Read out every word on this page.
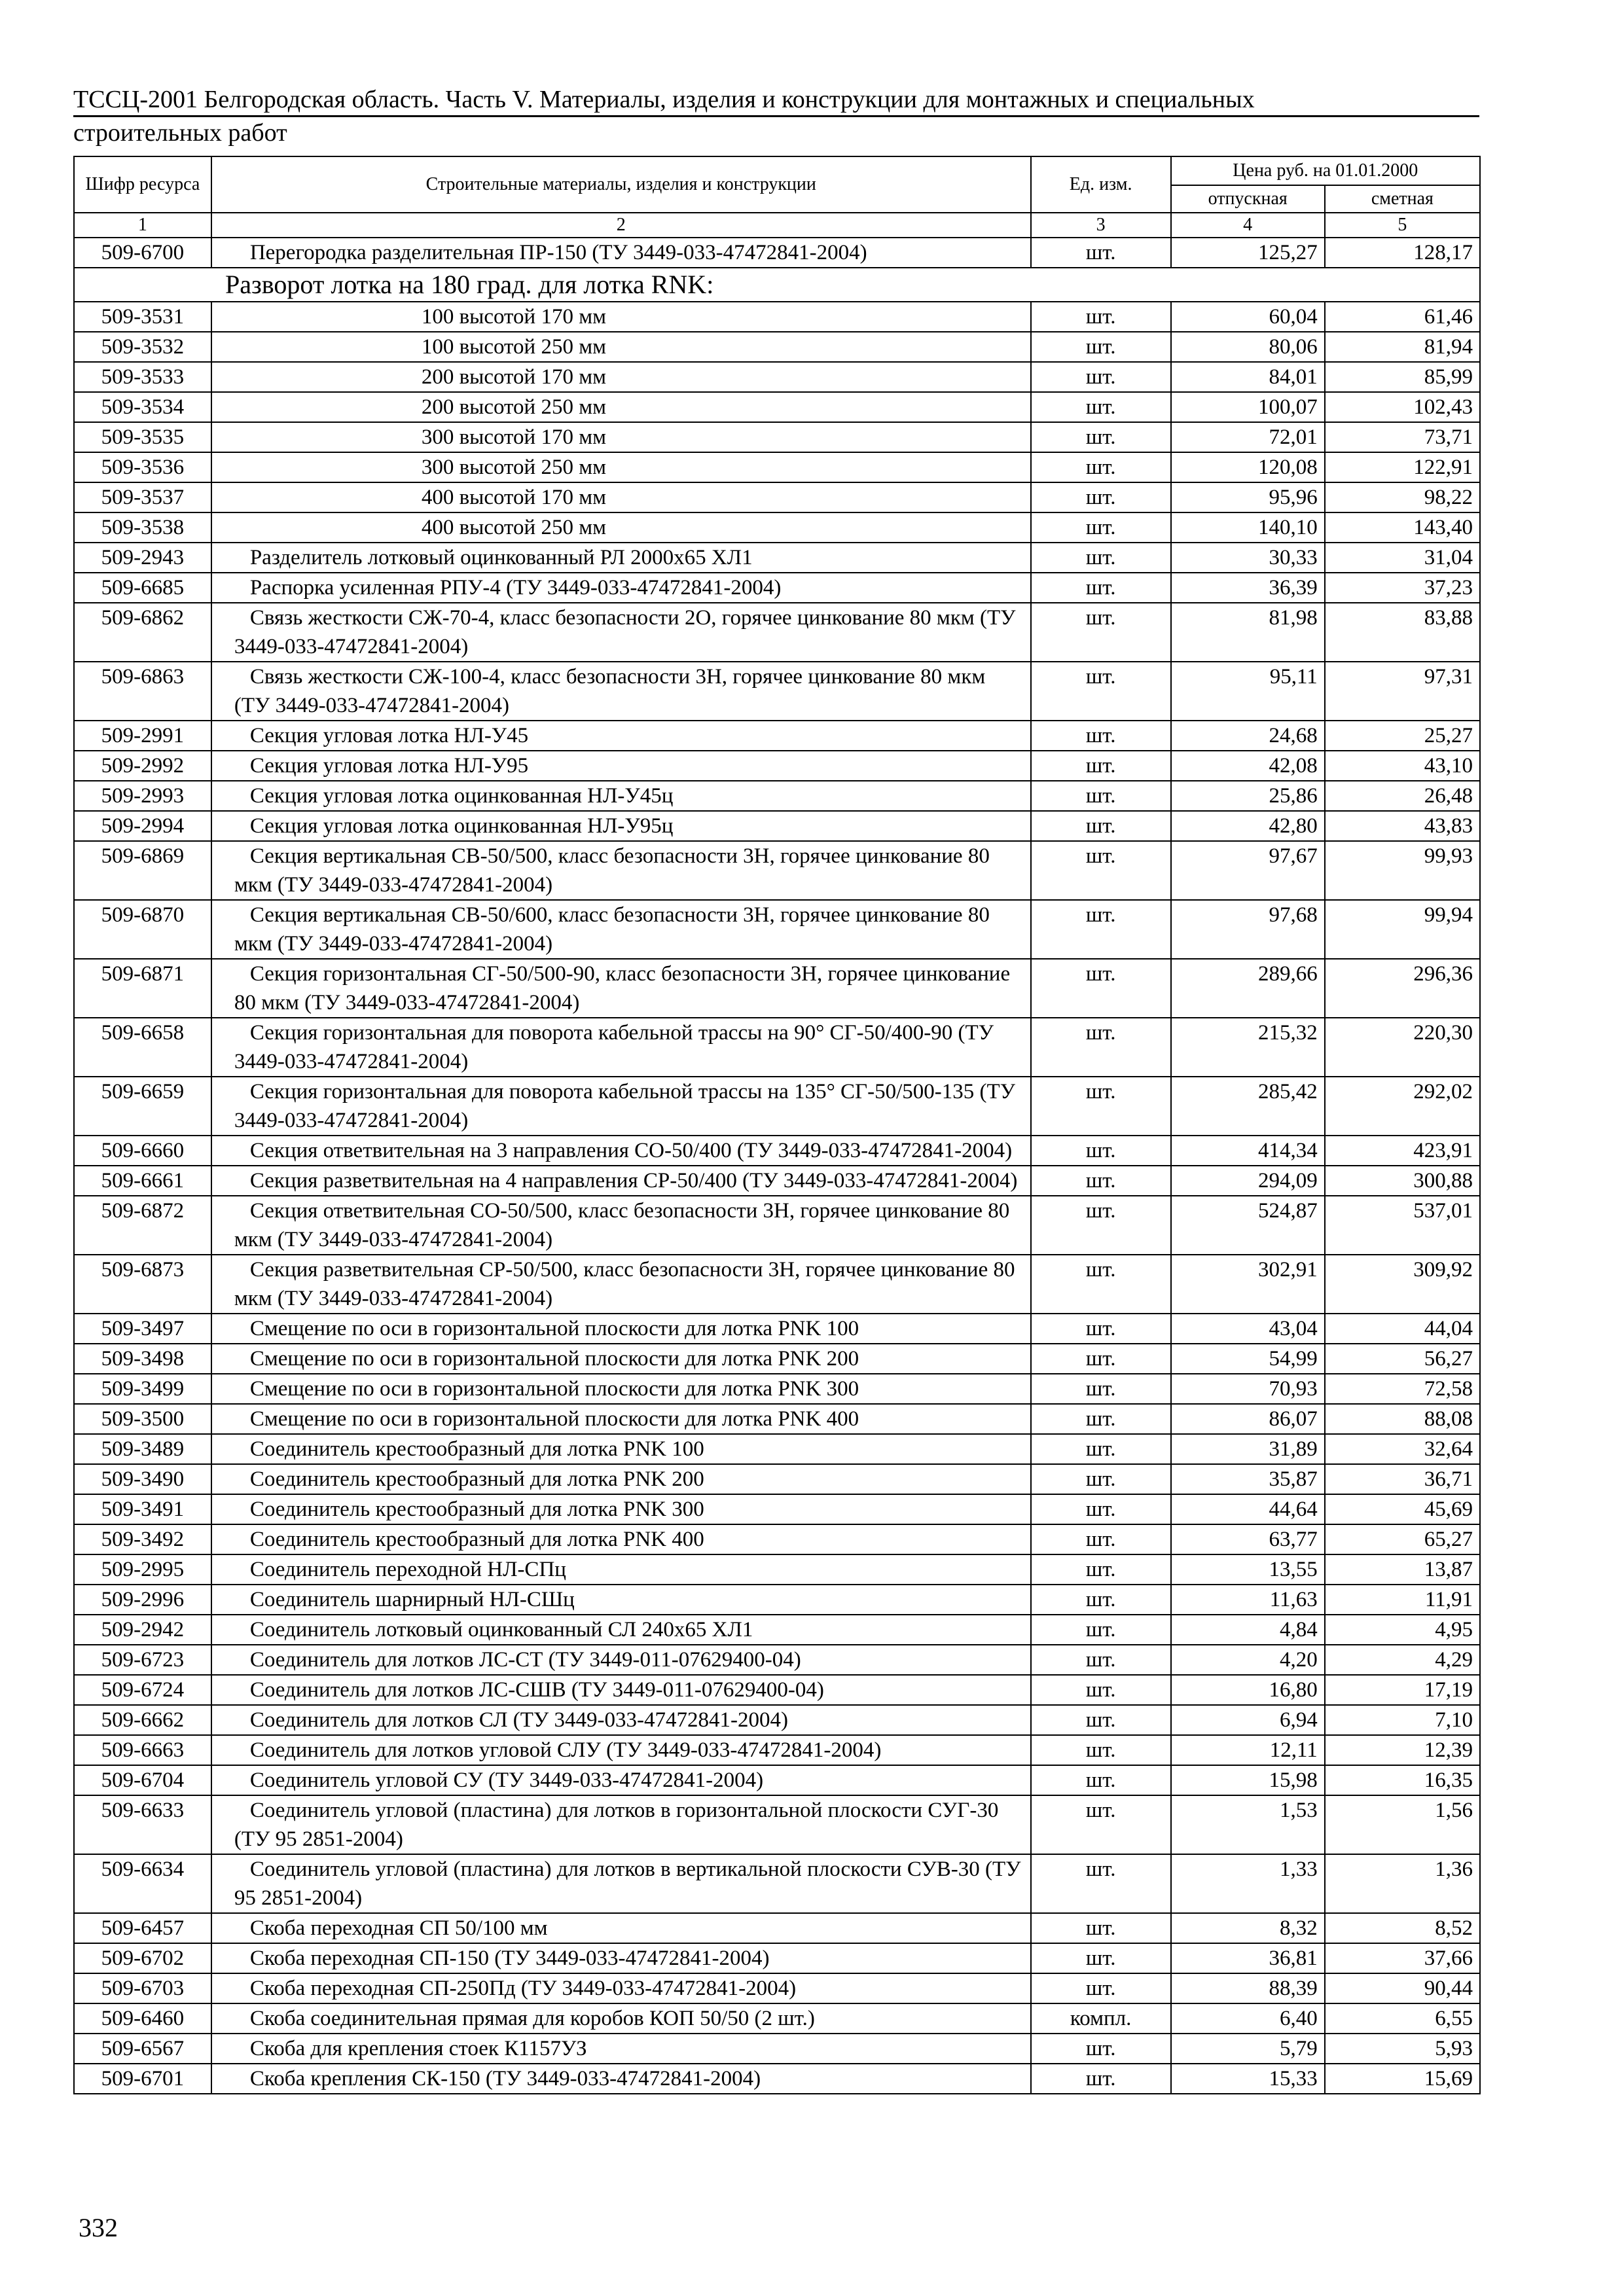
ТССЦ-2001 Белгородская область. Часть V. Материалы, изделия и конструкции для монтажных и специальных
строительных работ
Шифр ресурса	Строительные материалы, изделия и конструкции	Ед. изм.	Цена руб. на 01.01.2000	
			отпускная	сметная
1	2	3	4	5
509-6700	Перегородка разделительная ПР-150 (ТУ 3449-033-47472841-2004)	шт.	125,27	128,17
Разворот лотка на 180 град. для лотка RNK:				
509-3531	100 высотой 170 мм	шт.	60,04	61,46
509-3532	100 высотой 250 мм	шт.	80,06	81,94
509-3533	200 высотой 170 мм	шт.	84,01	85,99
509-3534	200 высотой 250 мм	шт.	100,07	102,43
509-3535	300 высотой 170 мм	шт.	72,01	73,71
509-3536	300 высотой 250 мм	шт.	120,08	122,91
509-3537	400 высотой 170 мм	шт.	95,96	98,22
509-3538	400 высотой 250 мм	шт.	140,10	143,40
509-2943	Разделитель лотковый оцинкованный РЛ 2000х65 ХЛ1	шт.	30,33	31,04
509-6685	Распорка усиленная РПУ-4 (ТУ 3449-033-47472841-2004)	шт.	36,39	37,23
509-6862	Связь жесткости СЖ-70-4, класс безопасности 2О, горячее цинкование 80 мкм (ТУ 3449-033-47472841-2004)	шт.	81,98	83,88
509-6863	Связь жесткости СЖ-100-4, класс безопасности 3Н, горячее цинкование 80 мкм (ТУ 3449-033-47472841-2004)	шт.	95,11	97,31
509-2991	Секция угловая лотка НЛ-У45	шт.	24,68	25,27
509-2992	Секция угловая лотка НЛ-У95	шт.	42,08	43,10
509-2993	Секция угловая лотка оцинкованная НЛ-У45ц	шт.	25,86	26,48
509-2994	Секция угловая лотка оцинкованная НЛ-У95ц	шт.	42,80	43,83
509-6869	Секция вертикальная СВ-50/500, класс безопасности 3Н, горячее цинкование 80 мкм (ТУ 3449-033-47472841-2004)	шт.	97,67	99,93
509-6870	Секция вертикальная СВ-50/600, класс безопасности 3Н, горячее цинкование 80 мкм (ТУ 3449-033-47472841-2004)	шт.	97,68	99,94
509-6871	Секция горизонтальная СГ-50/500-90, класс безопасности 3Н, горячее цинкование 80 мкм (ТУ 3449-033-47472841-2004)	шт.	289,66	296,36
509-6658	Секция горизонтальная для поворота кабельной трассы на 90° СГ-50/400-90 (ТУ 3449-033-47472841-2004)	шт.	215,32	220,30
509-6659	Секция горизонтальная для поворота кабельной трассы на 135° СГ-50/500-135 (ТУ 3449-033-47472841-2004)	шт.	285,42	292,02
509-6660	Секция ответвительная на 3 направления СО-50/400 (ТУ 3449-033-47472841-2004)	шт.	414,34	423,91
509-6661	Секция разветвительная на 4 направления СР-50/400 (ТУ 3449-033-47472841-2004)	шт.	294,09	300,88
509-6872	Секция ответвительная СО-50/500, класс безопасности 3Н, горячее цинкование 80 мкм (ТУ 3449-033-47472841-2004)	шт.	524,87	537,01
509-6873	Секция разветвительная СР-50/500, класс безопасности 3Н, горячее цинкование 80 мкм (ТУ 3449-033-47472841-2004)	шт.	302,91	309,92
509-3497	Смещение по оси в горизонтальной плоскости для лотка PNK 100	шт.	43,04	44,04
509-3498	Смещение по оси в горизонтальной плоскости для лотка PNK 200	шт.	54,99	56,27
509-3499	Смещение по оси в горизонтальной плоскости для лотка PNK 300	шт.	70,93	72,58
509-3500	Смещение по оси в горизонтальной плоскости для лотка PNK 400	шт.	86,07	88,08
509-3489	Соединитель крестообразный для лотка PNK 100	шт.	31,89	32,64
509-3490	Соединитель крестообразный для лотка PNK 200	шт.	35,87	36,71
509-3491	Соединитель крестообразный для лотка PNK 300	шт.	44,64	45,69
509-3492	Соединитель крестообразный для лотка PNK 400	шт.	63,77	65,27
509-2995	Соединитель переходной НЛ-СПц	шт.	13,55	13,87
509-2996	Соединитель шарнирный НЛ-СШц	шт.	11,63	11,91
509-2942	Соединитель лотковый оцинкованный СЛ 240х65 ХЛ1	шт.	4,84	4,95
509-6723	Соединитель для лотков ЛС-СТ (ТУ 3449-011-07629400-04)	шт.	4,20	4,29
509-6724	Соединитель для лотков ЛС-СШВ (ТУ 3449-011-07629400-04)	шт.	16,80	17,19
509-6662	Соединитель для лотков СЛ (ТУ 3449-033-47472841-2004)	шт.	6,94	7,10
509-6663	Соединитель для лотков угловой СЛУ (ТУ 3449-033-47472841-2004)	шт.	12,11	12,39
509-6704	Соединитель угловой СУ (ТУ 3449-033-47472841-2004)	шт.	15,98	16,35
509-6633	Соединитель угловой (пластина) для лотков в горизонтальной плоскости СУГ-30 (ТУ 95 2851-2004)	шт.	1,53	1,56
509-6634	Соединитель угловой (пластина) для лотков в вертикальной плоскости СУВ-30 (ТУ 95 2851-2004)	шт.	1,33	1,36
509-6457	Скоба переходная СП 50/100 мм	шт.	8,32	8,52
509-6702	Скоба переходная СП-150 (ТУ 3449-033-47472841-2004)	шт.	36,81	37,66
509-6703	Скоба переходная СП-250Пд (ТУ 3449-033-47472841-2004)	шт.	88,39	90,44
509-6460	Скоба соединительная прямая для коробов КОП 50/50 (2 шт.)	компл.	6,40	6,55
509-6567	Скоба для крепления стоек К1157УЗ	шт.	5,79	5,93
509-6701	Скоба крепления СК-150 (ТУ 3449-033-47472841-2004)	шт.	15,33	15,69
332
